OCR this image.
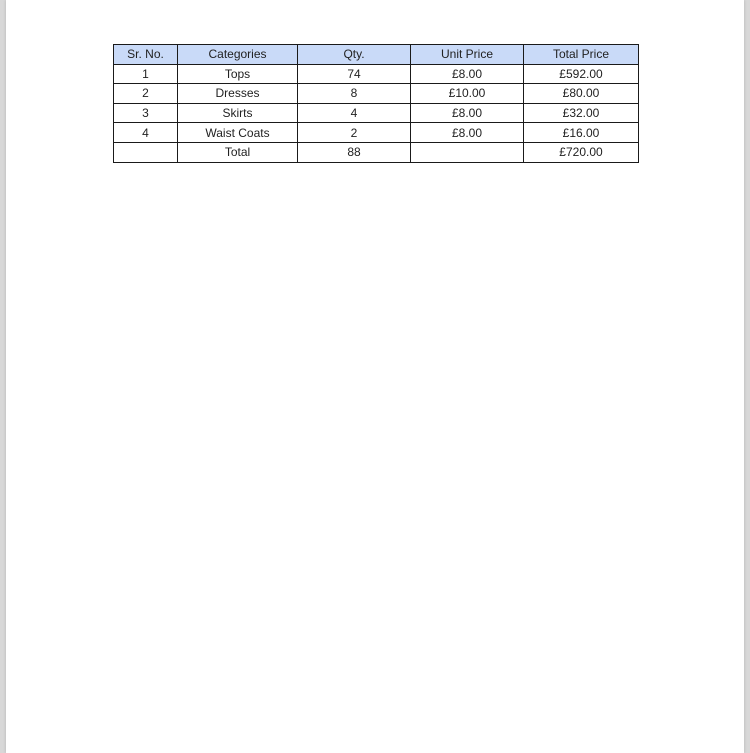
Sr. No.	Categories	Qty.	Unit Price	Total Price
1	Tops	74	£8.00	£592.00
2	Dresses	8	£10.00	£80.00
3	Skirts	4	£8.00	£32.00
4	Waist Coats	2	£8.00	£16.00
	Total	88		£720.00
